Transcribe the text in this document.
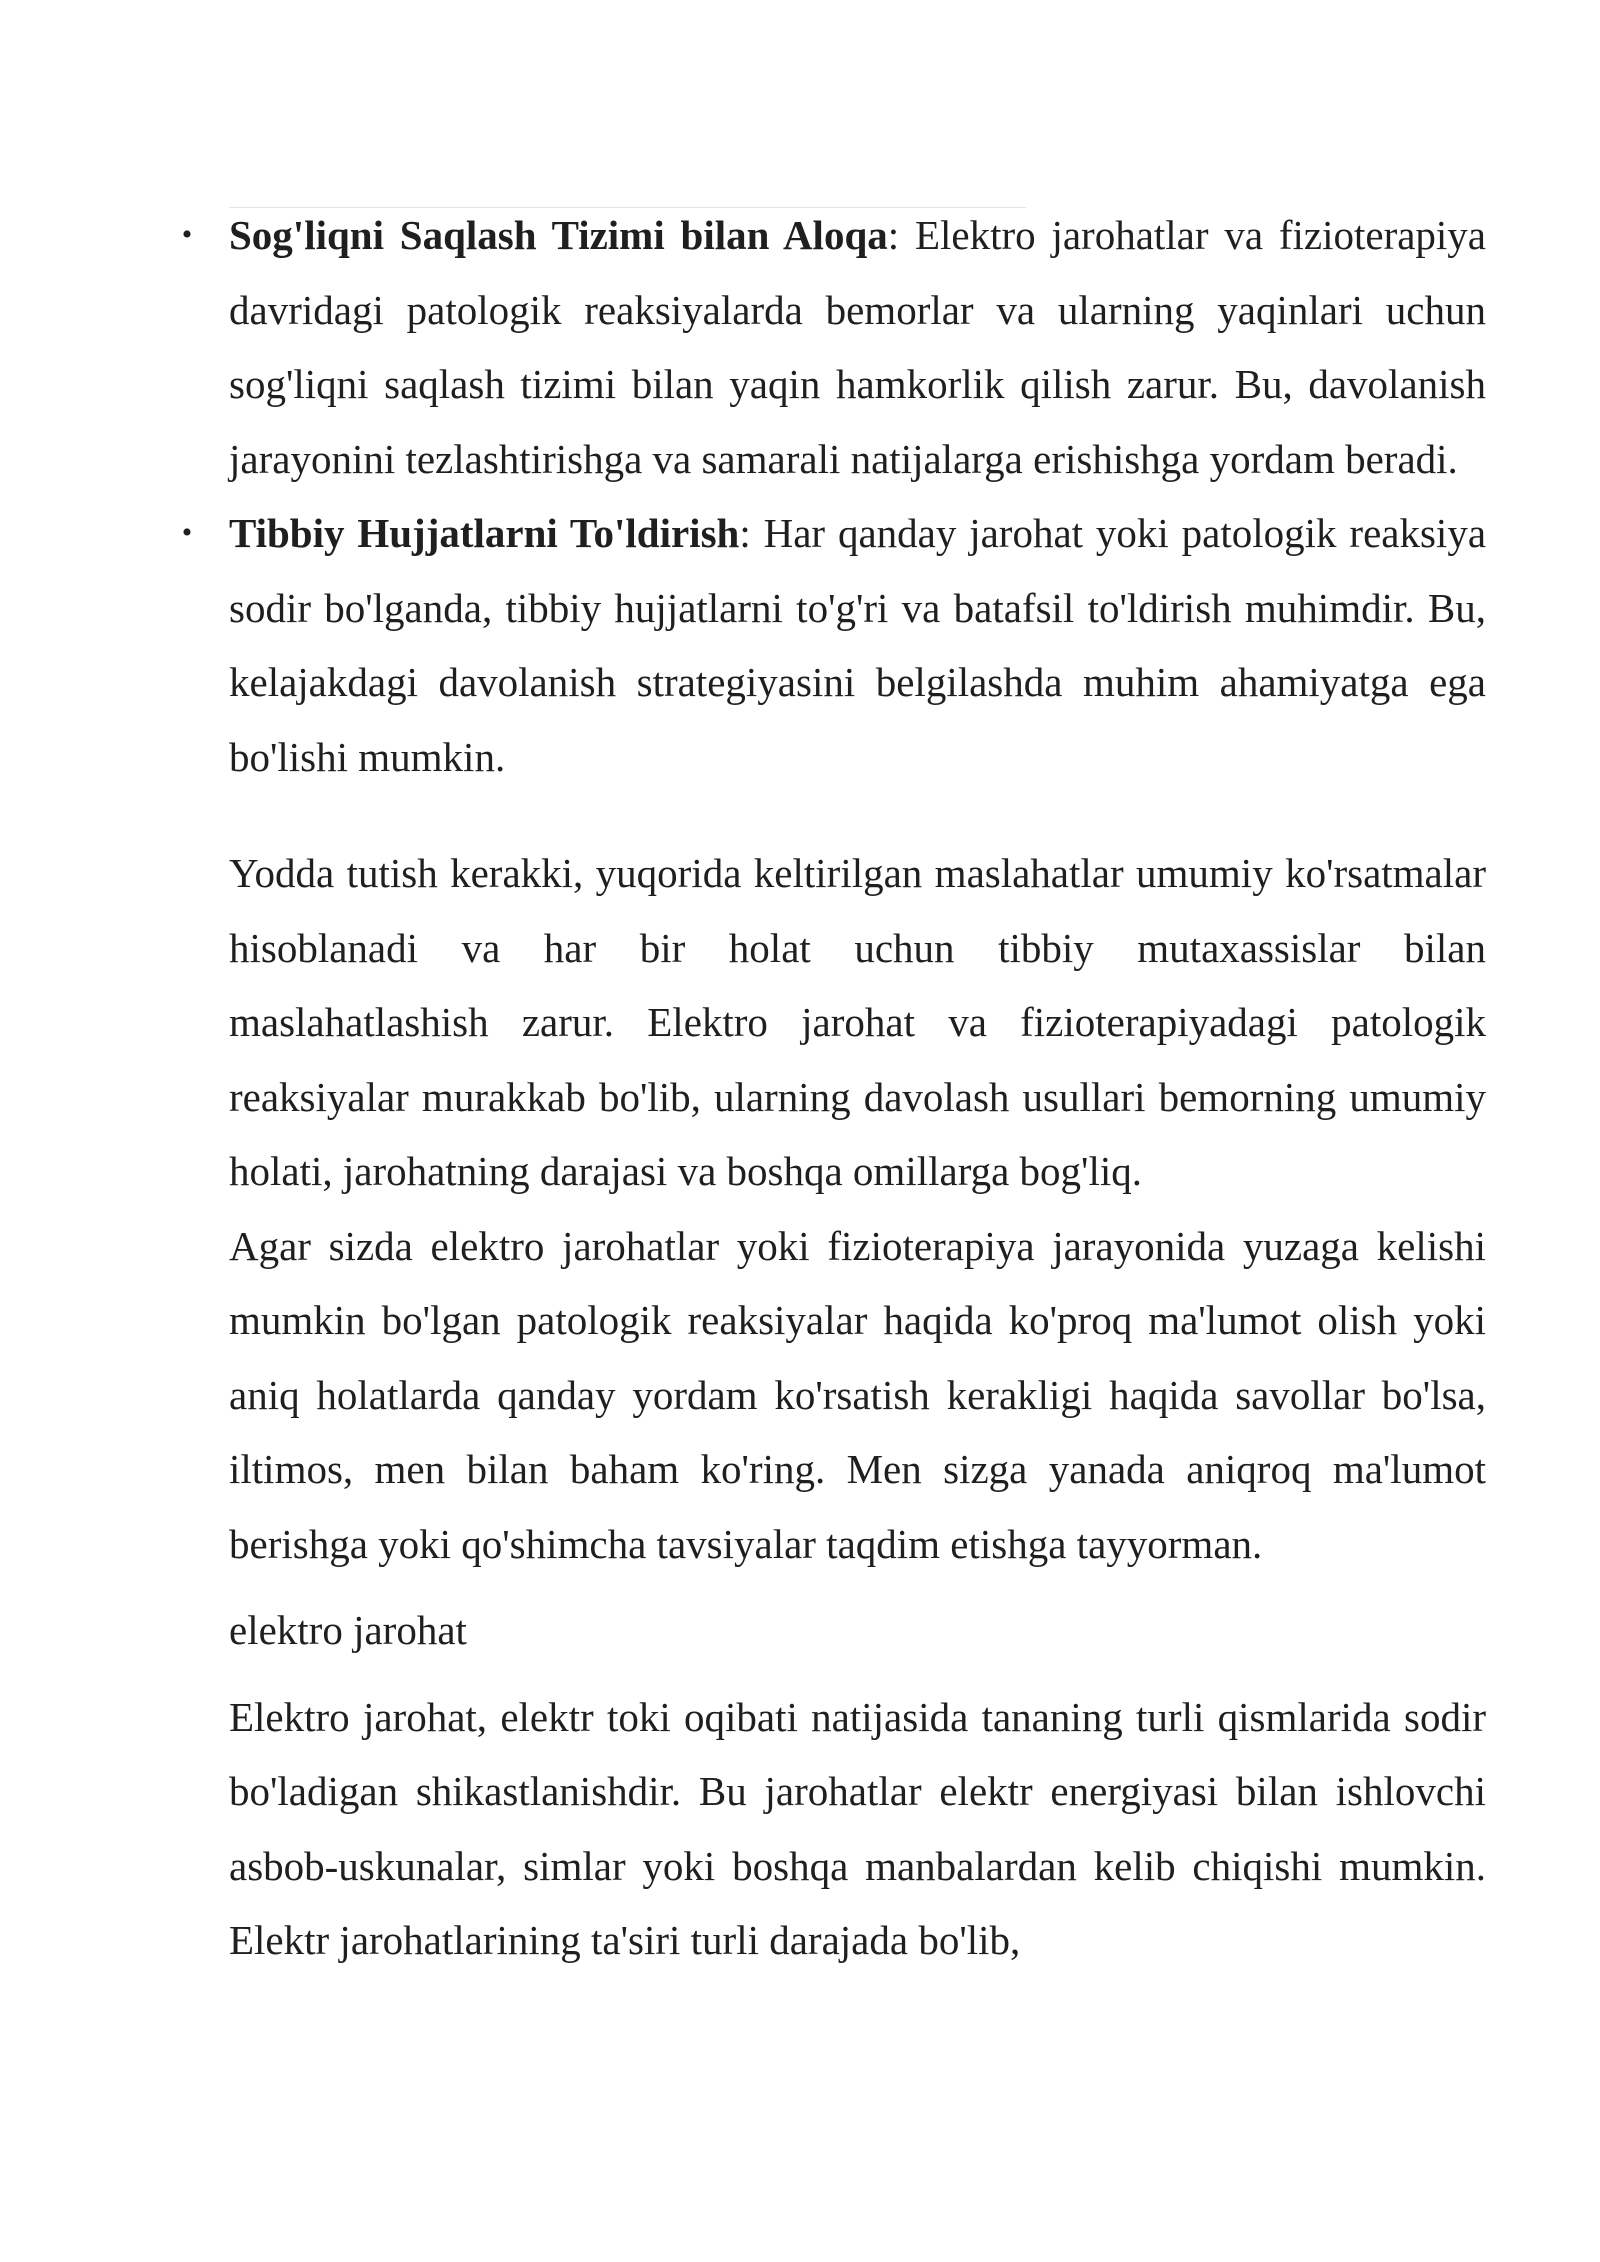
• Sog'liqni Saqlash Tizimi bilan Aloqa: Elektro jarohatlar va fizioterapiya davridagi patologik reaksiyalarda bemorlar va ularning yaqinlari uchun sog'liqni saqlash tizimi bilan yaqin hamkorlik qilish zarur. Bu, davolanish jarayonini tezlashtirishga va samarali natijalarga erishishga yordam beradi.
• Tibbiy Hujjatlarni To'ldirish: Har qanday jarohat yoki patologik reaksiya sodir bo'lganda, tibbiy hujjatlarni to'g'ri va batafsil to'ldirish muhimdir. Bu, kelajakdagi davolanish strategiyasini belgilashda muhim ahamiyatga ega bo'lishi mumkin.

Yodda tutish kerakki, yuqorida keltirilgan maslahatlar umumiy ko'rsatmalar hisoblanadi va har bir holat uchun tibbiy mutaxassislar bilan maslahatlashish zarur. Elektro jarohat va fizioterapiyadagi patologik reaksiyalar murakkab bo'lib, ularning davolash usullari bemorning umumiy holati, jarohatning darajasi va boshqa omillarga bog'liq.

Agar sizda elektro jarohatlar yoki fizioterapiya jarayonida yuzaga kelishi mumkin bo'lgan patologik reaksiyalar haqida ko'proq ma'lumot olish yoki aniq holatlarda qanday yordam ko'rsatish kerakligi haqida savollar bo'lsa, iltimos, men bilan baham ko'ring. Men sizga yanada aniqroq ma'lumot berishga yoki qo'shimcha tavsiyalar taqdim etishga tayyorman.

elektro jarohat

Elektro jarohat, elektr toki oqibati natijasida tananing turli qismlarida sodir bo'ladigan shikastlanishdir. Bu jarohatlar elektr energiyasi bilan ishlovchi asbob-uskunalar, simlar yoki boshqa manbalardan kelib chiqishi mumkin. Elektr jarohatlarining ta'siri turli darajada bo'lib,
